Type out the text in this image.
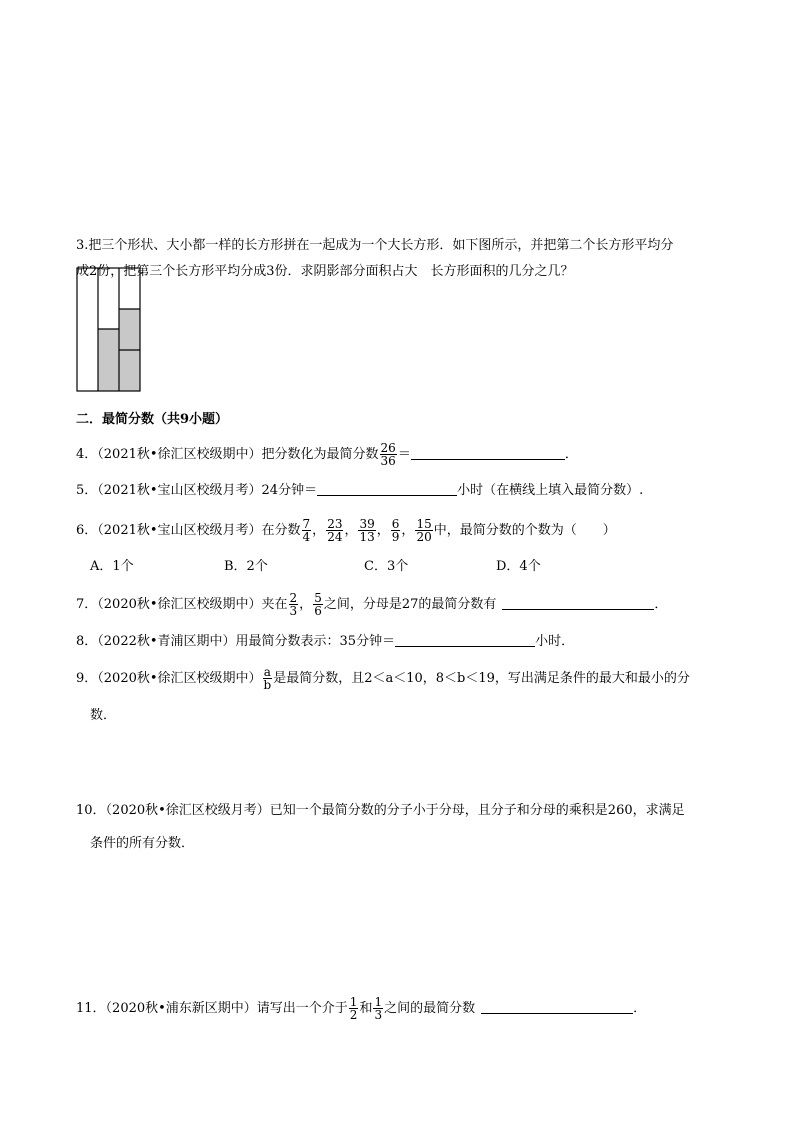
3.把三个形状、大小都一样的长方形拼在一起成为一个大长方形．如下图所示，并把第二个长方形平均分
成2份，把第三个长方形平均分成3份．求阴影部分面积占大　长方形面积的几分之几？
二．最简分数（共9小题）
4．（2021秋•徐汇区校级期中）把分数化为最简分数 $\frac{26}{36}$ ＝	．
5．（2021秋•宝山区校级月考）24分钟＝	小时（在横线上填入最简分数）.
6．（2021秋•宝山区校级月考）在分数 $\frac{7}{4}$ ， $\frac{23}{24}$ ， $\frac{39}{13}$ ， $\frac{6}{9}$ ， $\frac{15}{20}$ 中，最简分数的个数为（　　）
A．1个	B．2个	C．3个	D．4个
7．（2020秋•徐汇区校级期中）夹在 $\frac{2}{3}$ ， $\frac{5}{6}$ 之间，分母是27的最简分数有	．
8．（2022秋•青浦区期中）用最简分数表示：35分钟＝	小时．
9．（2020秋•徐汇区校级期中） $\frac{a}{b}$ 是最简分数，且2＜a＜10，8＜b＜19，写出满足条件的最大和最小的分
数．
10．（2020秋•徐汇区校级月考）已知一个最简分数的分子小于分母，且分子和分母的乘积是260，求满足
条件的所有分数．
11．（2020秋•浦东新区期中）请写出一个介于 $\frac{1}{2}$ 和 $\frac{1}{3}$ 之间的最简分数	．
